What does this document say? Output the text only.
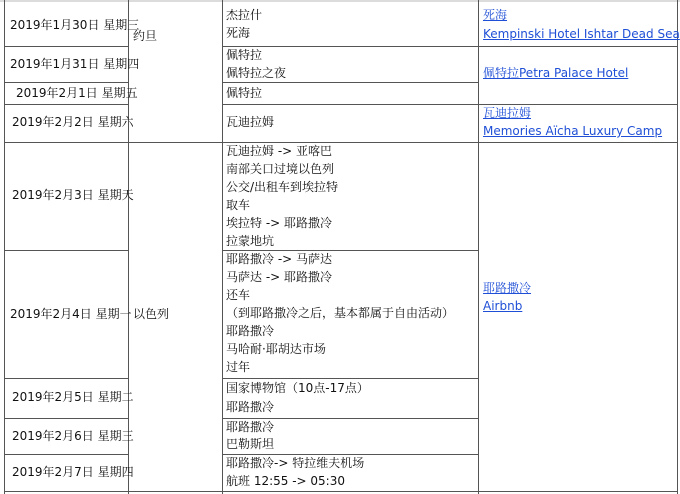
2019年1月30日 星期三
2019年1月31日 星期四
2019年2月1日 星期五
2019年2月2日 星期六
2019年2月3日 星期天
2019年2月4日 星期一
2019年2月5日 星期二
2019年2月6日 星期三
2019年2月7日 星期四
约旦
以色列
杰拉什
死海
佩特拉
佩特拉之夜
佩特拉
瓦迪拉姆
瓦迪拉姆 -> 亚喀巴
南部关口过境以色列
公交/出租车到埃拉特
取车
埃拉特 -> 耶路撒冷
拉蒙地坑
耶路撒冷 -> 马萨达
马萨达 -> 耶路撒冷
还车
（到耶路撒冷之后，基本都属于自由活动）
耶路撒冷
马哈耐·耶胡达市场
过年
国家博物馆（10点-17点）
耶路撒冷
耶路撒冷
巴勒斯坦
耶路撒冷-> 特拉维夫机场
航班 12:55 -> 05:30
死海
Kempinski Hotel Ishtar Dead Sea
佩特拉Petra Palace Hotel
瓦迪拉姆
Memories Aïcha Luxury Camp
耶路撒冷
Airbnb
